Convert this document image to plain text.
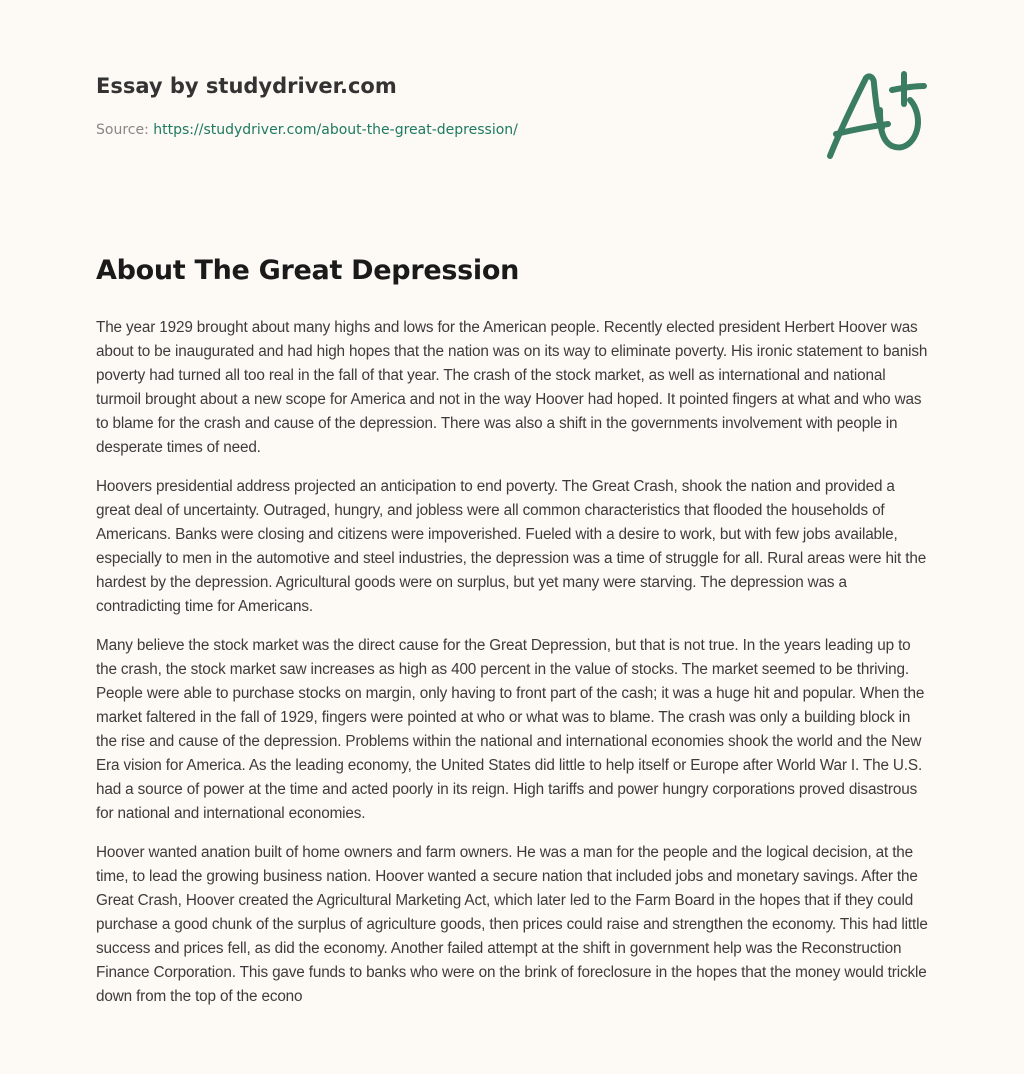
Essay by studydriver.com
Source: https://studydriver.com/about-the-great-depression/
About The Great Depression

The year 1929 brought about many highs and lows for the American people. Recently elected president Herbert Hoover was about to be inaugurated and had high hopes that the nation was on its way to eliminate poverty. His ironic statement to banish poverty had turned all too real in the fall of that year. The crash of the stock market, as well as international and national turmoil brought about a new scope for America and not in the way Hoover had hoped. It pointed fingers at what and who was to blame for the crash and cause of the depression. There was also a shift in the governments involvement with people in desperate times of need.

Hoovers presidential address projected an anticipation to end poverty. The Great Crash, shook the nation and provided a great deal of uncertainty. Outraged, hungry, and jobless were all common characteristics that flooded the households of Americans. Banks were closing and citizens were impoverished. Fueled with a desire to work, but with few jobs available, especially to men in the automotive and steel industries, the depression was a time of struggle for all. Rural areas were hit the hardest by the depression. Agricultural goods were on surplus, but yet many were starving. The depression was a contradicting time for Americans.

Many believe the stock market was the direct cause for the Great Depression, but that is not true. In the years leading up to the crash, the stock market saw increases as high as 400 percent in the value of stocks. The market seemed to be thriving. People were able to purchase stocks on margin, only having to front part of the cash; it was a huge hit and popular. When the market faltered in the fall of 1929, fingers were pointed at who or what was to blame. The crash was only a building block in the rise and cause of the depression. Problems within the national and international economies shook the world and the New Era vision for America. As the leading economy, the United States did little to help itself or Europe after World War I. The U.S. had a source of power at the time and acted poorly in its reign. High tariffs and power hungry corporations proved disastrous for national and international economies.

Hoover wanted anation built of home owners and farm owners. He was a man for the people and the logical decision, at the time, to lead the growing business nation. Hoover wanted a secure nation that included jobs and monetary savings. After the Great Crash, Hoover created the Agricultural Marketing Act, which later led to the Farm Board in the hopes that if they could purchase a good chunk of the surplus of agriculture goods, then prices could raise and strengthen the economy. This had little success and prices fell, as did the economy. Another failed attempt at the shift in government help was the Reconstruction Finance Corporation. This gave funds to banks who were on the brink of foreclosure in the hopes that the money would trickle down from the top of the econo
